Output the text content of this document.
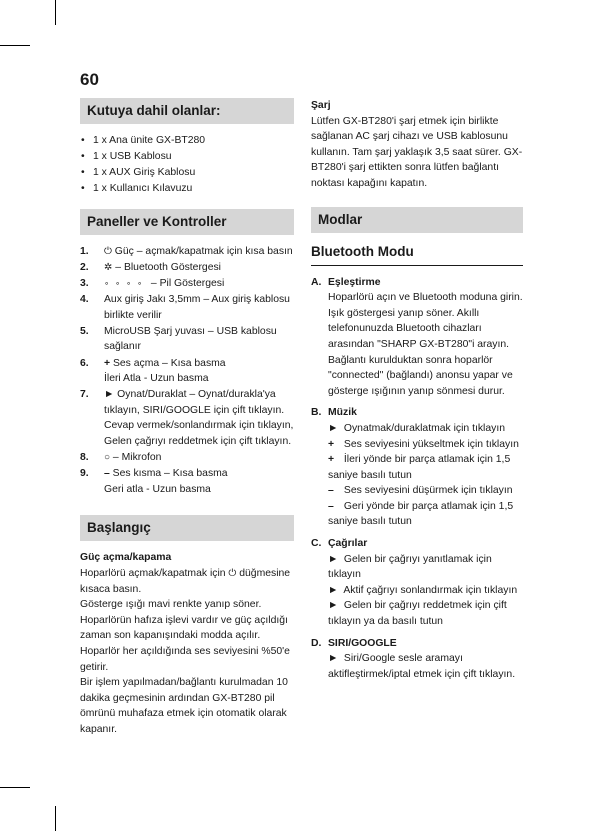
60
Kutuya dahil olanlar:
• 1 x Ana ünite GX-BT280
• 1 x USB Kablosu
• 1 x AUX Giriş Kablosu
• 1 x Kullanıcı Kılavuzu
Paneller ve Kontroller
1. ⏻ Güç – açmak/kapatmak için kısa basın
2. ✲ – Bluetooth Göstergesi
3. ∘∘∘∘ – Pil Göstergesi
4. Aux giriş Jakı 3,5mm – Aux giriş kablosu birlikte verilir
5. MicroUSB Şarj yuvası – USB kablosu sağlanır
6. + Ses açma – Kısa basma
İleri Atla - Uzun basma
7. ► Oynat/Duraklat – Oynat/durakla'ya tıklayın, SIRI/GOOGLE için çift tıklayın. Cevap vermek/sonlandırmak için tıklayın, Gelen çağrıyı reddetmek için çift tıklayın.
8. ○ – Mikrofon
9. – Ses kısma – Kısa basma
Geri atla - Uzun basma
Başlangıç
Güç açma/kapama

Hoparlörü açmak/kapatmak için ⏻ düğmesine kısaca basın.

Gösterge ışığı mavi renkte yanıp söner. Hoparlörün hafıza işlevi vardır ve güç açıldığı zaman son kapanışındaki modda açılır. Hoparlör her açıldığında ses seviyesini %50'e getirir.

Bir işlem yapılmadan/bağlantı kurulmadan 10 dakika geçmesinin ardından GX-BT280 pil ömrünü muhafaza etmek için otomatik olarak kapanır.

Şarj

Lütfen GX-BT280'i şarj etmek için birlikte sağlanan AC şarj cihazı ve USB kablosunu kullanın. Tam şarj yaklaşık 3,5 saat sürer. GX-BT280'i şarj ettikten sonra lütfen bağlantı noktası kapağını kapatın.

Modlar
Bluetooth Modu
A. Eşleştirme
Hoparlörü açın ve Bluetooth moduna girin. Işık göstergesi yanıp söner. Akıllı telefonunuzda Bluetooth cihazları arasından "SHARP GX-BT280"i arayın. Bağlantı kurulduktan sonra hoparlör "connected" (bağlandı) anonsu yapar ve gösterge ışığının yanıp sönmesi durur.
B. Müzik
► Oynatmak/duraklatmak için tıklayın
+ Ses seviyesini yükseltmek için tıklayın
+ İleri yönde bir parça atlamak için 1,5 saniye basılı tutun
– Ses seviyesini düşürmek için tıklayın
– Geri yönde bir parça atlamak için 1,5 saniye basılı tutun
C. Çağrılar
► Gelen bir çağrıyı yanıtlamak için tıklayın
► Aktif çağrıyı sonlandırmak için tıklayın
► Gelen bir çağrıyı reddetmek için çift tıklayın ya da basılı tutun
D. SIRI/GOOGLE
► Siri/Google sesle aramayı aktifleştirmek/iptal etmek için çift tıklayın.
